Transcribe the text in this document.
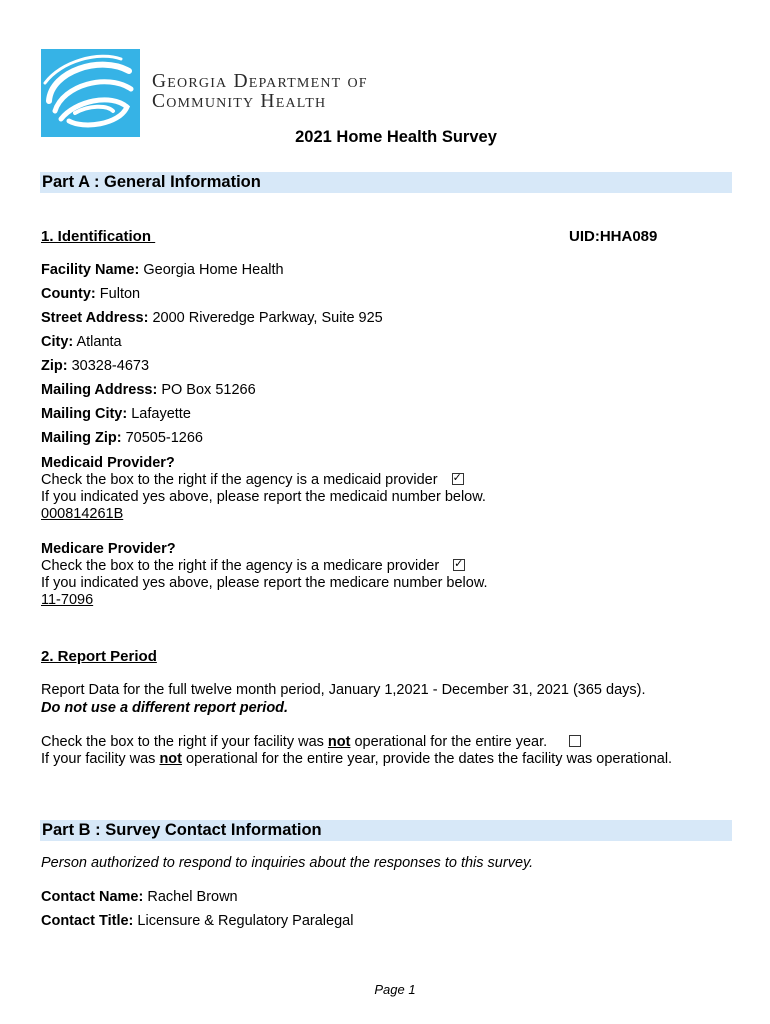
Georgia Department of
Community Health
2021 Home Health Survey
Part A : General Information
1. Identification	UID:HHA089
Facility Name: Georgia Home Health
County: Fulton
Street Address: 2000 Riveredge Parkway, Suite 925
City: Atlanta
Zip: 30328-4673
Mailing Address: PO Box 51266
Mailing City: Lafayette
Mailing Zip: 70505-1266
Medicaid Provider?
Check the box to the right if the agency is a medicaid provider✓
If you indicated yes above, please report the medicaid number below.
000814261B
Medicare Provider?
Check the box to the right if the agency is a medicare provider✓
If you indicated yes above, please report the medicare number below.
11-7096
2. Report Period
Report Data for the full twelve month period, January 1,2021 - December 31, 2021 (365 days).
Do not use a different report period.
Check the box to the right if your facility was not operational for the entire year.
If your facility was not operational for the entire year, provide the dates the facility was operational.
Part B : Survey Contact Information
Person authorized to respond to inquiries about the responses to this survey.
Contact Name: Rachel Brown
Contact Title: Licensure & Regulatory Paralegal
Page 1
